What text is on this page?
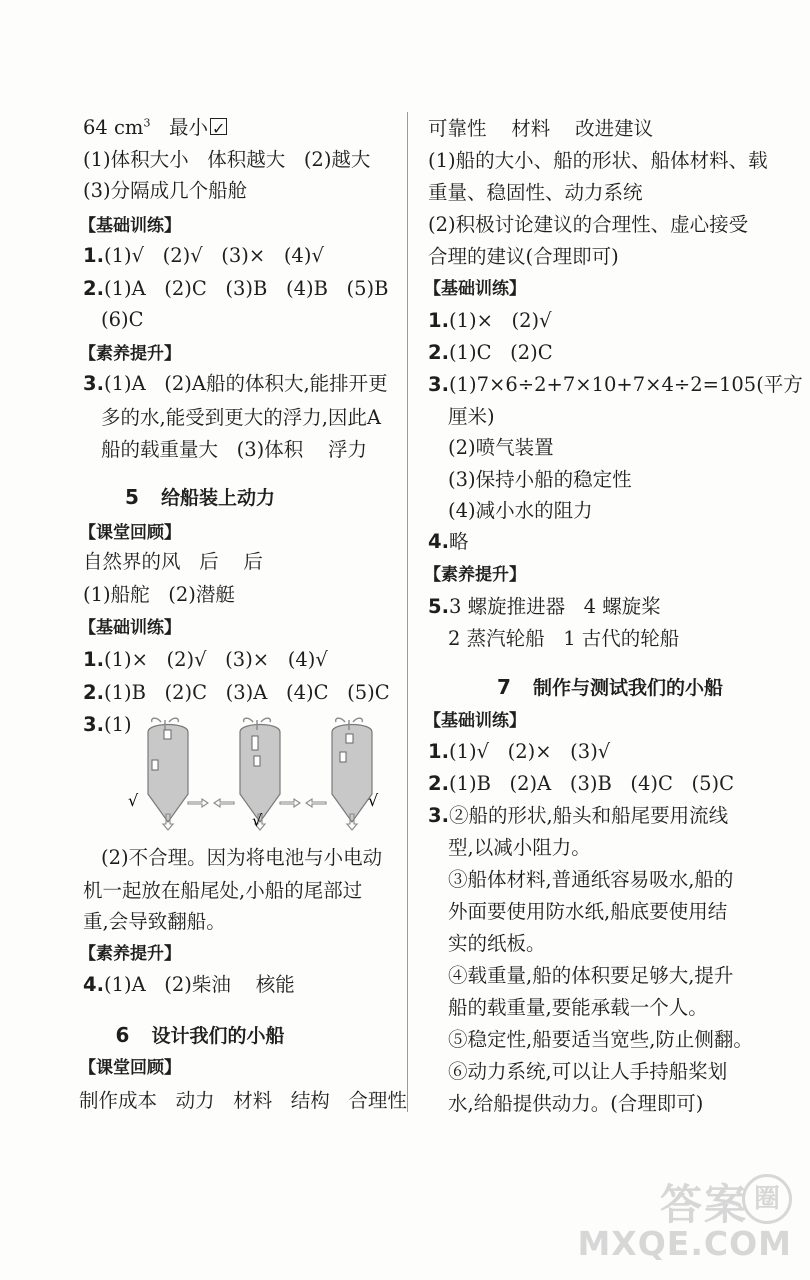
64 $cm^3$   最小✓
(1)体积大小   体积越大   (2)越大
(3)分隔成几个船舱
【基础训练】
1.(1)√   (2)√   (3)×   (4)√
2.(1)A   (2)C   (3)B   (4)B   (5)B
(6)C
【素养提升】
3.(1)A   (2)A船的体积大,能排开更
多的水,能受到更大的浮力,因此A
船的载重量大   (3)体积    浮力
5 给船装上动力
【课堂回顾】
自然界的风   后    后
(1)船舵   (2)潜艇
【基础训练】
1.(1)×   (2)√   (3)×   (4)√
2.(1)B   (2)C   (3)A   (4)C   (5)C
3.(1)
√
√
√
(2)不合理。因为将电池与小电动
机一起放在船尾处,小船的尾部过
重,会导致翻船。
【素养提升】
4.(1)A   (2)柴油    核能
6 设计我们的小船
【课堂回顾】
制作成本   动力   材料   结构   合理性
可靠性    材料    改进建议
(1)船的大小、船的形状、船体材料、载
重量、稳固性、动力系统
(2)积极讨论建议的合理性、虚心接受
合理的建议(合理即可)
【基础训练】
1.(1)×   (2)√
2.(1)C   (2)C
3.(1)7×6÷2+7×10+7×4÷2=105(平方
厘米)
(2)喷气装置
(3)保持小船的稳定性
(4)减小水的阻力
4.略
【素养提升】
5.3 螺旋推进器   4 螺旋桨
2 蒸汽轮船   1 古代的轮船
7 制作与测试我们的小船
【基础训练】
1.(1)√   (2)×   (3)√
2.(1)B   (2)A   (3)B   (4)C   (5)C
3.②船的形状,船头和船尾要用流线
型,以减小阻力。
③船体材料,普通纸容易吸水,船的
外面要使用防水纸,船底要使用结
实的纸板。
④载重量,船的体积要足够大,提升
船的载重量,要能承载一个人。
⑤稳定性,船要适当宽些,防止侧翻。
⑥动力系统,可以让人手持船桨划
水,给船提供动力。(合理即可)
答案 圈
MXQE.COM
